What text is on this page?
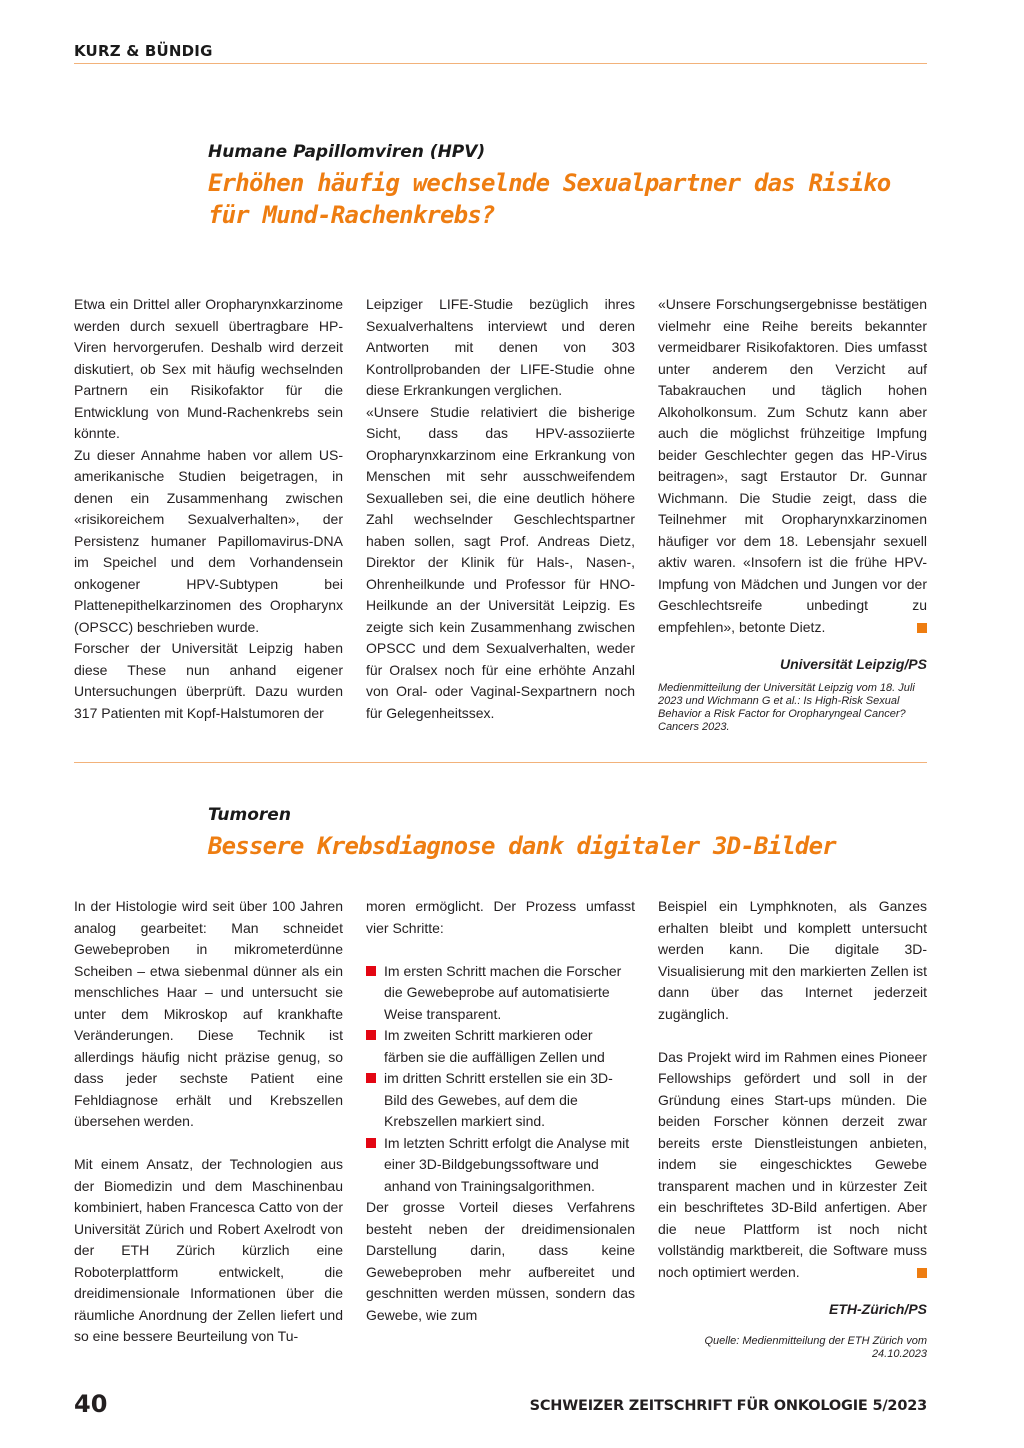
KURZ & BÜNDIG
Humane Papillomviren (HPV)
Erhöhen häufig wechselnde Sexualpartner das Risiko für Mund-Rachenkrebs?

Etwa ein Drittel aller Oropharynxkarzinome werden durch sexuell übertragbare HP-Viren hervorgerufen. Deshalb wird derzeit diskutiert, ob Sex mit häufig wechselnden Partnern ein Risikofaktor für die Entwicklung von Mund-Rachenkrebs sein könnte.

Zu dieser Annahme haben vor allem US-amerikanische Studien beigetragen, in denen ein Zusammenhang zwischen «risikoreichem Sexualverhalten», der Persistenz humaner Papillomavirus-DNA im Speichel und dem Vorhandensein onkogener HPV-Subtypen bei Plattenepithelkarzinomen des Oropharynx (OPSCC) beschrieben wurde.

Forscher der Universität Leipzig haben diese These nun anhand eigener Untersuchungen überprüft. Dazu wurden 317 Patienten mit Kopf-Halstumoren der

Leipziger LIFE-Studie bezüglich ihres Sexualverhaltens interviewt und deren Antworten mit denen von 303 Kontrollprobanden der LIFE-Studie ohne diese Erkrankungen verglichen.

«Unsere Studie relativiert die bisherige Sicht, dass das HPV-assoziierte Oropharynxkarzinom eine Erkrankung von Menschen mit sehr ausschweifendem Sexualleben sei, die eine deutlich höhere Zahl wechselnder Geschlechtspartner haben sollen, sagt Prof. Andreas Dietz, Direktor der Klinik für Hals-, Nasen-, Ohrenheilkunde und Professor für HNO-Heilkunde an der Universität Leipzig. Es zeigte sich kein Zusammenhang zwischen OPSCC und dem Sexualverhalten, weder für Oralsex noch für eine erhöhte Anzahl von Oral- oder Vaginal-Sexpartnern noch für Gelegenheitssex.

«Unsere Forschungsergebnisse bestätigen vielmehr eine Reihe bereits bekannter vermeidbarer Risikofaktoren. Dies umfasst unter anderem den Verzicht auf Tabakrauchen und täglich hohen Alkoholkonsum. Zum Schutz kann aber auch die möglichst frühzeitige Impfung beider Geschlechter gegen das HP-Virus beitragen», sagt Erstautor Dr. Gunnar Wichmann. Die Studie zeigt, dass die Teilnehmer mit Oropharynxkarzinomen häufiger vor dem 18. Lebensjahr sexuell aktiv waren. «Insofern ist die frühe HPV-Impfung von Mädchen und Jungen vor der Geschlechtsreife unbedingt zu empfehlen», betonte Dietz.

Universität Leipzig/PS

Medienmitteilung der Universität Leipzig vom 18. Juli 2023 und Wichmann G et al.: Is High-Risk Sexual Behavior a Risk Factor for Oropharyngeal Cancer? Cancers 2023.

Tumoren
Bessere Krebsdiagnose dank digitaler 3D-Bilder

In der Histologie wird seit über 100 Jahren analog gearbeitet: Man schneidet Gewebeproben in mikrometerdünne Scheiben – etwa siebenmal dünner als ein menschliches Haar – und untersucht sie unter dem Mikroskop auf krankhafte Veränderungen. Diese Technik ist allerdings häufig nicht präzise genug, so dass jeder sechste Patient eine Fehldiagnose erhält und Krebszellen übersehen werden.

Mit einem Ansatz, der Technologien aus der Biomedizin und dem Maschinenbau kombiniert, haben Francesca Catto von der Universität Zürich und Robert Axelrodt von der ETH Zürich kürzlich eine Roboterplattform entwickelt, die dreidimensionale Informationen über die räumliche Anordnung der Zellen liefert und so eine bessere Beurteilung von Tu-

moren ermöglicht. Der Prozess umfasst vier Schritte:

Im ersten Schritt machen die Forscher die Gewebeprobe auf automatisierte Weise transparent.
Im zweiten Schritt markieren oder färben sie die auffälligen Zellen und
im dritten Schritt erstellen sie ein 3D-Bild des Gewebes, auf dem die Krebszellen markiert sind.
Im letzten Schritt erfolgt die Analyse mit einer 3D-Bildgebungssoftware und anhand von Trainingsalgorithmen.

Der grosse Vorteil dieses Verfahrens besteht neben der dreidimensionalen Darstellung darin, dass keine Gewebeproben mehr aufbereitet und geschnitten werden müssen, sondern das Gewebe, wie zum

Beispiel ein Lymphknoten, als Ganzes erhalten bleibt und komplett untersucht werden kann. Die digitale 3D-Visualisierung mit den markierten Zellen ist dann über das Internet jederzeit zugänglich.

Das Projekt wird im Rahmen eines Pioneer Fellowships gefördert und soll in der Gründung eines Start-ups münden. Die beiden Forscher können derzeit zwar bereits erste Dienstleistungen anbieten, indem sie eingeschicktes Gewebe transparent machen und in kürzester Zeit ein beschriftetes 3D-Bild anfertigen. Aber die neue Plattform ist noch nicht vollständig marktbereit, die Software muss noch optimiert werden.

ETH-Zürich/PS

Quelle: Medienmitteilung der ETH Zürich vom 24.10.2023

40	SCHWEIZER ZEITSCHRIFT FÜR ONKOLOGIE 5/2023
